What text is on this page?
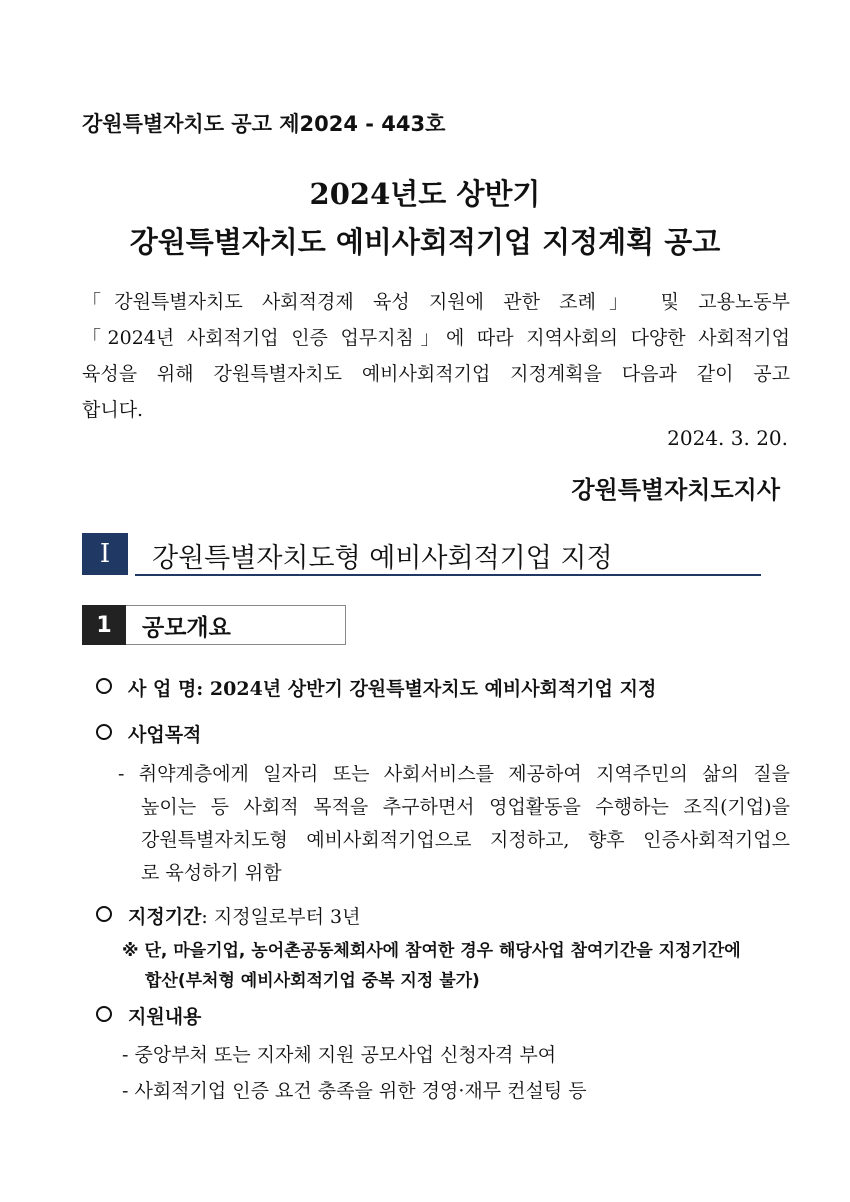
강원특별자치도 공고 제2024 - 443호
2024년도 상반기
강원특별자치도 예비사회적기업 지정계획 공고
「강원특별자치도 사회적경제 육성 지원에 관한 조례」 및 고용노동부
「2024년 사회적기업 인증 업무지침」에 따라 지역사회의 다양한 사회적기업
육성을 위해 강원특별자치도 예비사회적기업 지정계획을 다음과 같이 공고
합니다.
2024. 3. 20.
강원특별자치도지사
I 강원특별자치도형 예비사회적기업 지정
1 공모개요
사 업 명: 2024년 상반기 강원특별자치도 예비사회적기업 지정
사업목적
- 취약계층에게 일자리 또는 사회서비스를 제공하여 지역주민의 삶의 질을
높이는 등 사회적 목적을 추구하면서 영업활동을 수행하는 조직(기업)을
강원특별자치도형 예비사회적기업으로 지정하고, 향후 인증사회적기업으
로 육성하기 위함
지정기간: 지정일로부터 3년
※ 단, 마을기업, 농어촌공동체회사에 참여한 경우 해당사업 참여기간을 지정기간에
합산(부처형 예비사회적기업 중복 지정 불가)
지원내용
- 중앙부처 또는 지자체 지원 공모사업 신청자격 부여
- 사회적기업 인증 요건 충족을 위한 경영·재무 컨설팅 등
